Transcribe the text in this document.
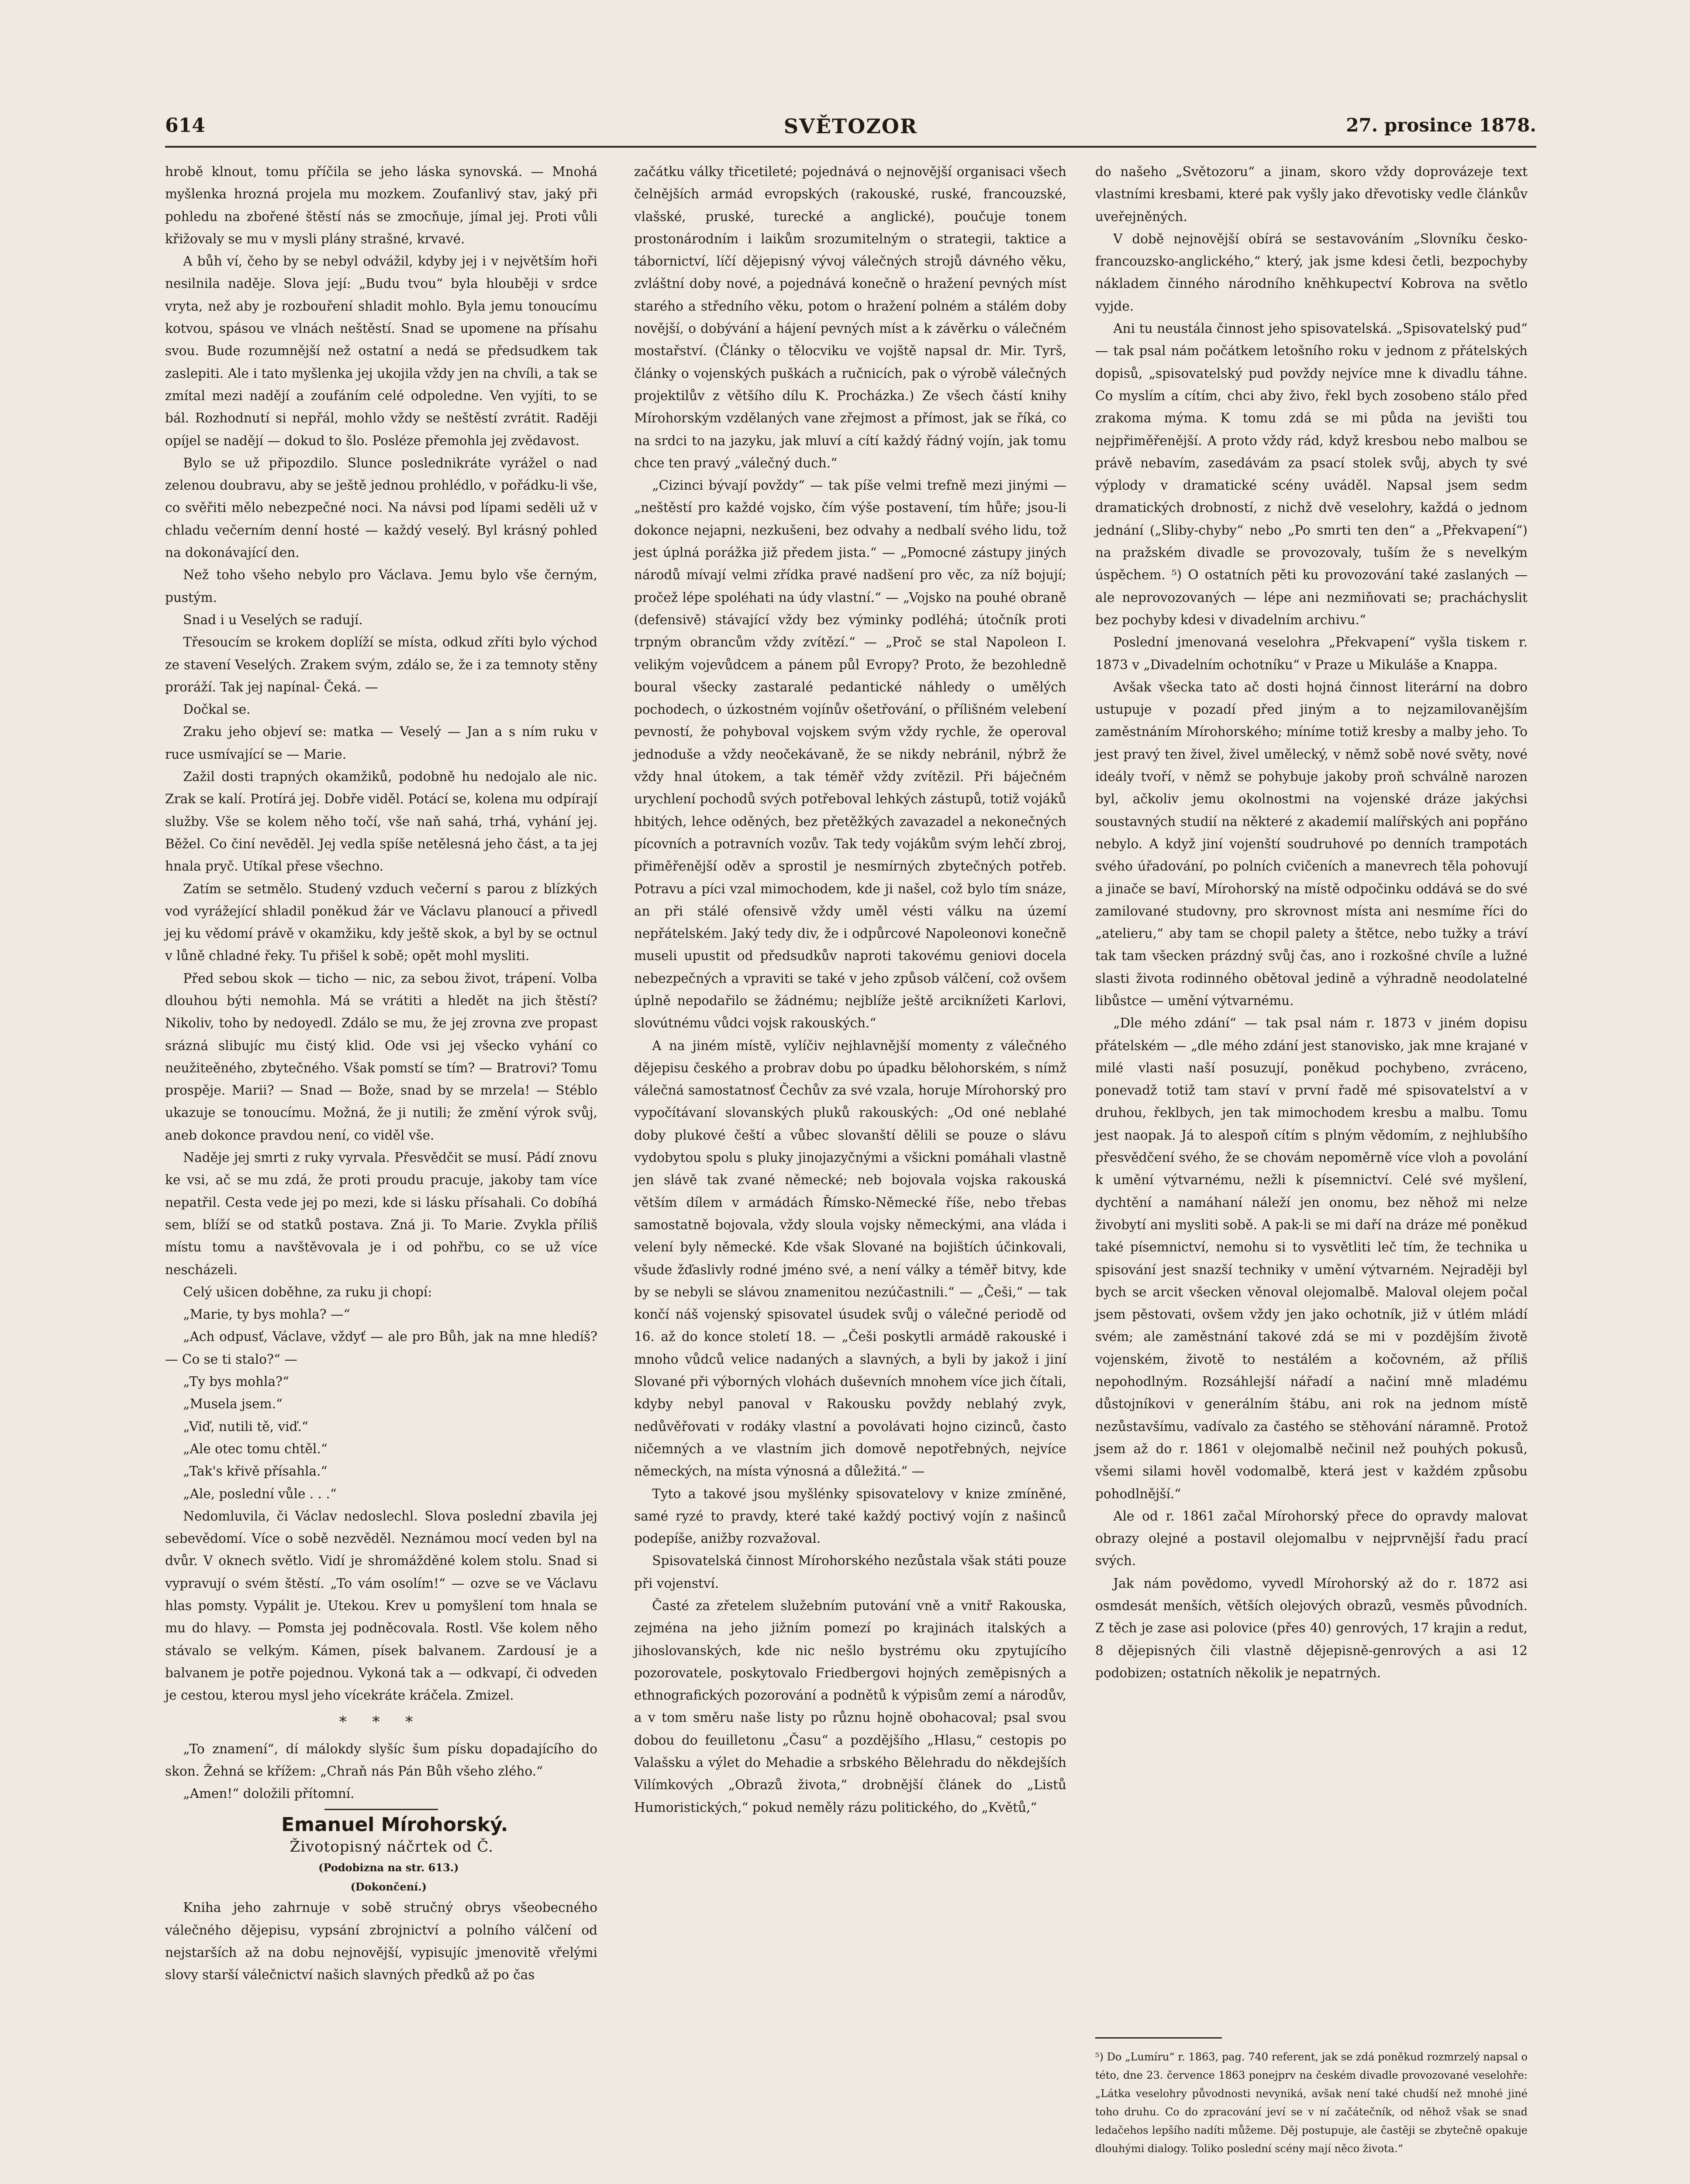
614	SVĚTOZOR	27. prosince 1878.

hrobě klnout, tomu příčila se jeho láska synovská. — Mnohá myšlenka hrozná projela mu mozkem. Zoufanlivý stav, jaký při pohledu na zbořené štěstí nás se zmocňuje, jímal jej. Proti vůli křižovaly se mu v mysli plány strašné, krvavé.

A bůh ví, čeho by se nebyl odvážil, kdyby jej i v největším hoři nesilnila naděje. Slova její: „Budu tvou“ byla hlouběji v srdce vryta, než aby je rozbouření shladit mohlo. Byla jemu tonoucímu kotvou, spásou ve vlnách neštěstí. Snad se upomene na přísahu svou. Bude rozumnější než ostatní a nedá se předsudkem tak zaslepiti. Ale i tato myšlenka jej ukojila vždy jen na chvíli, a tak se zmítal mezi nadějí a zoufáním celé odpoledne. Ven vyjíti, to se bál. Rozhodnutí si nepřál, mohlo vždy se neštěstí zvrátit. Raději opíjel se nadějí — dokud to šlo. Posléze přemohla jej zvědavost.

Bylo se už připozdilo. Slunce poslednikráte vyrážel o nad zelenou doubravu, aby se ještě jednou prohlédlo, v pořádku-li vše, co svěřiti mělo nebezpečné noci. Na návsi pod lípami seděli už v chladu večerním denní hosté — každý veselý. Byl krásný pohled na dokonávající den.

Než toho všeho nebylo pro Václava. Jemu bylo vše černým, pustým.

Snad i u Veselých se radují.

Třesoucím se krokem doplíží se místa, odkud zříti bylo východ ze stavení Veselých. Zrakem svým, zdálo se, že i za temnoty stěny proráží. Tak jej napínal- Čeká. —

Dočkal se.

Zraku jeho objeví se: matka — Veselý — Jan a s ním ruku v ruce usmívající se — Marie.

Zažil dosti trapných okamžiků, podobně hu nedojalo ale nic. Zrak se kalí. Protírá jej. Dobře viděl. Potácí se, kolena mu odpírají služby. Vše se kolem něho točí, vše naň sahá, trhá, vyhání jej. Běžel. Co činí nevěděl. Jej vedla spíše netělesná jeho část, a ta jej hnala pryč. Utíkal přese všechno.

Zatím se setmělo. Studený vzduch večerní s parou z blízkých vod vyrážející shladil poněkud žár ve Václavu planoucí a přivedl jej ku vědomí právě v okamžiku, kdy ještě skok, a byl by se octnul v lůně chladné řeky. Tu přišel k sobě; opět mohl mysliti.

Před sebou skok — ticho — nic, za sebou život, trápení. Volba dlouhou býti nemohla. Má se vrátiti a hledět na jich štěstí? Nikoliv, toho by nedoyedl. Zdálo se mu, že jej zrovna zve propast srázná slibujíc mu čistý klid. Ode vsi jej všecko vyhání co neužiteěného, zbytečného. Však pomstí se tím? — Bratrovi? Tomu prospěje. Marii? — Snad — Bože, snad by se mrzela! — Stéblo ukazuje se tonoucímu. Možná, že ji nutili; že změní výrok svůj, aneb dokonce pravdou není, co viděl vše.

Naděje jej smrti z ruky vyrvala. Přesvědčit se musí. Pádí znovu ke vsi, ač se mu zdá, že proti proudu pracuje, jakoby tam více nepatřil. Cesta vede jej po mezi, kde si lásku přísahali. Co dobíhá sem, blíží se od statků postava. Zná ji. To Marie. Zvykla příliš místu tomu a navštěvovala je i od pohřbu, co se už více nescházeli.

Celý ušicen doběhne, za ruku ji chopí:

„Marie, ty bys mohla? —“

„Ach odpusť, Václave, vždyť — ale pro Bůh, jak na mne hledíš? — Co se ti stalo?“ —

„Ty bys mohla?“

„Musela jsem.“

„Viď, nutili tě, viď.“

„Ale otec tomu chtěl.“

„Tak's křivě přísahla.“

„Ale, poslední vůle . . .“

Nedomluvila, či Václav nedoslechl. Slova poslední zbavila jej sebevědomí. Více o sobě nezvěděl. Neznámou mocí veden byl na dvůr. V oknech světlo. Vidí je shromážděné kolem stolu. Snad si vypravují o svém štěstí. „To vám osolím!“ — ozve se ve Václavu hlas pomsty. Vypálit je. Utekou. Krev u pomyšlení tom hnala se mu do hlavy. — Pomsta jej podněcovala. Rostl. Vše kolem něho stávalo se velkým. Kámen, písek balvanem. Zardousí je a balvanem je potře pojednou. Vykoná tak a — odkvapí, či odveden je cestou, kterou mysl jeho vícekráte kráčela. Zmizel.

* * *

„To znamení“, dí málokdy slyšíc šum písku dopadajícího do skon. Žehná se křížem: „Chraň nás Pán Bůh všeho zlého.“

„Amen!“ doložili přítomní.

Emanuel Mírohorský.

Životopisný náčrtek od Č.

(Podobizna na str. 613.)

(Dokončení.)

Kniha jeho zahrnuje v sobě stručný obrys všeobecného válečného dějepisu, vypsání zbrojnictví a polního válčení od nejstarších až na dobu nejnovější, vypisujíc jmenovitě vřelými slovy starší válečnictví našich slavných předků až po čas

začátku války třicetileté; pojednává o nejnovější organisaci všech čelnějších armád evropských (rakouské, ruské, francouzské, vlašské, pruské, turecké a anglické), poučuje tonem prostonárodním i laikům srozumitelným o strategii, taktice a tábornictví, líčí dějepisný vývoj válečných strojů dávného věku, zvláštní doby nové, a pojednává konečně o hražení pevných míst starého a středního věku, potom o hražení polném a stálém doby novější, o dobývání a hájení pevných míst a k závěrku o válečném mostařství. (Články o tělocviku ve vojště napsal dr. Mir. Tyrš, články o vojenských puškách a ručnicích, pak o výrobě válečných projektilův z většího dílu K. Procházka.) Ze všech částí knihy Mírohorským vzdělaných vane zřejmost a přímost, jak se říká, co na srdci to na jazyku, jak mluví a cítí každý řádný vojín, jak tomu chce ten pravý „válečný duch.“

„Cizinci bývají povždy“ — tak píše velmi trefně mezi jinými — „neštěstí pro každé vojsko, čím výše postavení, tím hůře; jsou-li dokonce nejapni, nezkušeni, bez odvahy a nedbalí svého lidu, tož jest úplná porážka již předem jista.“ — „Pomocné zástupy jiných národů mívají velmi zřídka pravé nadšení pro věc, za níž bojují; pročež lépe spoléhati na údy vlastní.“ — „Vojsko na pouhé obraně (defensivě) stávající vždy bez výminky podléhá; útočník proti trpným obrancům vždy zvítězí.“ — „Proč se stal Napoleon I. velikým vojevůdcem a pánem půl Evropy? Proto, že bezohledně boural všecky zastaralé pedantické náhledy o umělých pochodech, o úzkostném vojínův ošetřování, o přílišném velebení pevností, že pohyboval vojskem svým vždy rychle, že operoval jednoduše a vždy neočekávaně, že se nikdy nebránil, nýbrž že vždy hnal útokem, a tak téměř vždy zvítězil. Při báječném urychlení pochodů svých potřeboval lehkých zástupů, totiž vojáků hbitých, lehce oděných, bez přetěžkých zavazadel a nekonečných pícovních a potravních vozův. Tak tedy vojákům svým lehčí zbroj, přiměřenější oděv a sprostil je nesmírných zbytečných potřeb. Potravu a píci vzal mimochodem, kde ji našel, což bylo tím snáze, an při stálé ofensivě vždy uměl vésti válku na území nepřátelském. Jaký tedy div, že i odpůrcové Napoleonovi konečně museli upustit od předsudkův naproti takovému geniovi docela nebezpečných a vpraviti se také v jeho způsob válčení, což ovšem úplně nepodařilo se žádnému; nejblíže ještě arciknížeti Karlovi, slovútnému vůdci vojsk rakouských.“

A na jiném místě, vylíčiv nejhlavnější momenty z válečného dějepisu českého a probrav dobu po úpadku bělohorském, s nímž válečná samostatnosť Čechův za své vzala, horuje Mírohorský pro vypočítávaní slovanských pluků rakouských: „Od oné neblahé doby plukové čeští a vůbec slovanští dělili se pouze o slávu vydobytou spolu s pluky jinojazyčnými a všickni pomáhali vlastně jen slávě tak zvané německé; neb bojovala vojska rakouská větším dílem v armádách Římsko-Německé říše, nebo třebas samostatně bojovala, vždy sloula vojsky německými, ana vláda i velení byly německé. Kde však Slované na bojištích účinkovali, všude žďaslivly rodné jméno své, a není války a téměř bitvy, kde by se nebyli se slávou znamenitou nezúčastnili.“ — „Češi,“ — tak končí náš vojenský spisovatel úsudek svůj o válečné periodě od 16. až do konce století 18. — „Češi poskytli armádě rakouské i mnoho vůdců velice nadaných a slavných, a byli by jakož i jiní Slované při výborných vlohách duševních mnohem více jich čítali, kdyby nebyl panoval v Rakousku povždy neblahý zvyk, nedůvěřovati v rodáky vlastní a povolávati hojno cizinců, často ničemných a ve vlastním jich domově nepotřebných, nejvíce německých, na místa výnosná a důležitá.“ —

Tyto a takové jsou myšlénky spisovatelovy v knize zmíněné, samé ryzé to pravdy, které také každý poctivý vojín z našinců podepíše, anižby rozvažoval.

Spisovatelská činnost Mírohorského nezůstala však státi pouze při vojenství.

Časté za zřetelem služebním putování vně a vnitř Rakouska, zejména na jeho jižním pomezí po krajinách italských a jihoslovanských, kde nic nešlo bystrému oku zpytujícího pozorovatele, poskytovalo Friedbergovi hojných zeměpisných a ethnografických pozorování a podnětů k výpisům zemí a národův, a v tom směru naše listy po různu hojně obohacoval; psal svou dobou do feuilletonu „Času“ a pozdějšího „Hlasu,“ cestopis po Valašsku a výlet do Mehadie a srbského Bělehradu do někdejších Vilímkových „Obrazů života,“ drobnější článek do „Listů Humoristických,“ pokud neměly rázu politického, do „Květů,“

do našeho „Světozoru“ a jinam, skoro vždy doprovázeje text vlastními kresbami, které pak vyšly jako dřevotisky vedle článkův uveřejněných.

V době nejnovější obírá se sestavováním „Slovníku česko-francouzsko-anglického,“ který, jak jsme kdesi četli, bezpochyby nákladem činného národního kněhkupectví Kobrova na světlo vyjde.

Ani tu neustála činnost jeho spisovatelská. „Spisovatelský pud“ — tak psal nám počátkem letošního roku v jednom z přátelských dopisů, „spisovatelský pud povždy nejvíce mne k divadlu táhne. Co myslím a cítím, chci aby živo, řekl bych zosobeno stálo před zrakoma mýma. K tomu zdá se mi půda na jevišti tou nejpřiměřenější. A proto vždy rád, když kresbou nebo malbou se právě nebavím, zasedávám za psací stolek svůj, abych ty své výplody v dramatické scény uváděl. Napsal jsem sedm dramatických drobností, z nichž dvě veselohry, každá o jednom jednání („Sliby-chyby“ nebo „Po smrti ten den“ a „Překvapení“) na pražském divadle se provozovaly, tuším že s nevelkým úspěchem. ⁵) O ostatních pěti ku provozování také zaslaných — ale neprovozovaných — lépe ani nezmiňovati se; pracháchyslit bez pochyby kdesi v divadelním archivu.“

Poslední jmenovaná veselohra „Překvapení“ vyšla tiskem r. 1873 v „Divadelním ochotníku“ v Praze u Mikuláše a Knappa.

Avšak všecka tato ač dosti hojná činnost literární na dobro ustupuje v pozadí před jiným a to nejzamilovanějším zaměstnáním Mírohorského; míníme totiž kresby a malby jeho. To jest pravý ten živel, živel umělecký, v němž sobě nové světy, nové ideály tvoří, v němž se pohybuje jakoby proň schválně narozen byl, ačkoliv jemu okolnostmi na vojenské dráze jakýchsi soustavných studií na některé z akademií malířských ani popřáno nebylo. A když jiní vojenští soudruhové po denních trampotách svého úřadování, po polních cvičeních a manevrech těla pohovují a jinače se baví, Mírohorský na místě odpočinku oddává se do své zamilované studovny, pro skrovnost místa ani nesmíme říci do „atelieru,“ aby tam se chopil palety a štětce, nebo tužky a tráví tak tam všecken prázdný svůj čas, ano i rozkošné chvíle a lužné slasti života rodinného obětoval jedině a výhradně neodolatelné libůstce — umění výtvarnému.

„Dle mého zdání“ — tak psal nám r. 1873 v jiném dopisu přátelském — „dle mého zdání jest stanovisko, jak mne krajané v milé vlasti naší posuzují, poněkud pochybeno, zvráceno, ponevadž totiž tam staví v první řadě mé spisovatelství a v druhou, řeklbych, jen tak mimochodem kresbu a malbu. Tomu jest naopak. Já to alespoň cítím s plným vědomím, z nejhlubšího přesvědčení svého, že se chovám nepoměrně více vloh a povolání k umění výtvarnému, nežli k písemnictví. Celé své myšlení, dychtění a namáhaní náleží jen onomu, bez něhož mi nelze živobytí ani mysliti sobě. A pak-li se mi daří na dráze mé poněkud také písemnictví, nemohu si to vysvětliti leč tím, že technika u spisování jest snazší techniky v umění výtvarném. Nejraději byl bych se arcit všecken věnoval olejomalbě. Maloval olejem počal jsem pěstovati, ovšem vždy jen jako ochotník, již v útlém mládí svém; ale zaměstnání takové zdá se mi v pozdějším životě vojenském, životě to nestálém a kočovném, až příliš nepohodlným. Rozsáhlejší nářadí a načiní mně mladému důstojníkovi v generálním štábu, ani rok na jednom místě nezůstavšímu, vadívalo za častého se stěhování náramně. Protož jsem až do r. 1861 v olejomalbě nečinil než pouhých pokusů, všemi silami hověl vodomalbě, která jest v každém způsobu pohodlnější.“

Ale od r. 1861 začal Mírohorský přece do opravdy malovat obrazy olejné a postavil olejomalbu v nejprvnější řadu prací svých.

Jak nám povědomo, vyvedl Mírohorský až do r. 1872 asi osmdesát menších, větších olejových obrazů, vesměs původních. Z těch je zase asi polovice (přes 40) genrových, 17 krajin a redut, 8 dějepisných čili vlastně dějepisně-genrových a asi 12 podobizen; ostatních několik je nepatrných.

⁵) Do „Lumíru“ r. 1863, pag. 740 referent, jak se zdá poněkud rozmrzelý napsal o této, dne 23. července 1863 ponejprv na českém divadle provozované veselohře: „Látka veselohry původnosti nevyniká, avšak není také chudší než mnohé jiné toho druhu. Co do zpracování jeví se v ní začátečník, od něhož však se snad ledačehos lepšího nadíti můžeme. Děj postupuje, ale častěji se zbytečně opakuje dlouhými dialogy. Tolikо poslední scény mají něco života.“
